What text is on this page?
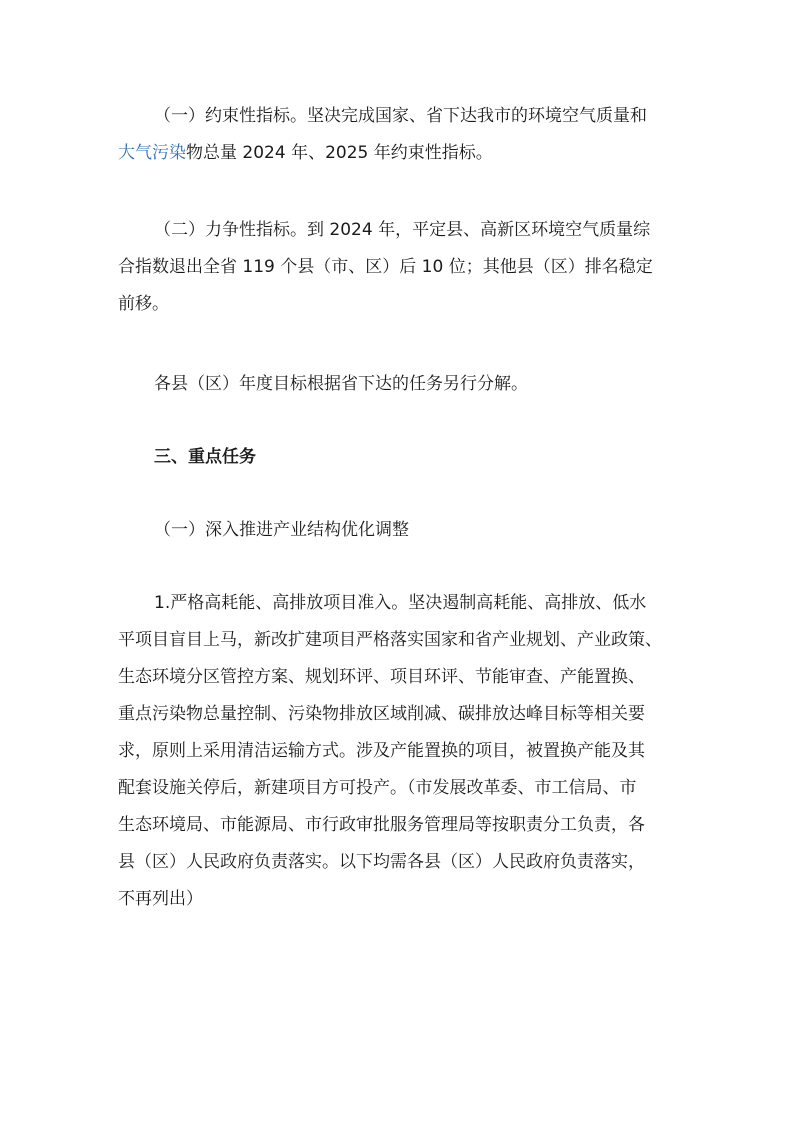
（一）约束性指标。坚决完成国家、省下达我市的环境空气质量和
大气污染物总量 2024 年、2025 年约束性指标。
（二）力争性指标。到 2024 年，平定县、高新区环境空气质量综
合指数退出全省 119 个县（市、区）后 10 位；其他县（区）排名稳定
前移。
各县（区）年度目标根据省下达的任务另行分解。
三、重点任务
（一）深入推进产业结构优化调整
1.严格高耗能、高排放项目准入。坚决遏制高耗能、高排放、低水
平项目盲目上马，新改扩建项目严格落实国家和省产业规划、产业政策、
生态环境分区管控方案、规划环评、项目环评、节能审查、产能置换、
重点污染物总量控制、污染物排放区域削减、碳排放达峰目标等相关要
求，原则上采用清洁运输方式。涉及产能置换的项目，被置换产能及其
配套设施关停后，新建项目方可投产。（市发展改革委、市工信局、市
生态环境局、市能源局、市行政审批服务管理局等按职责分工负责，各
县（区）人民政府负责落实。以下均需各县（区）人民政府负责落实，
不再列出）
